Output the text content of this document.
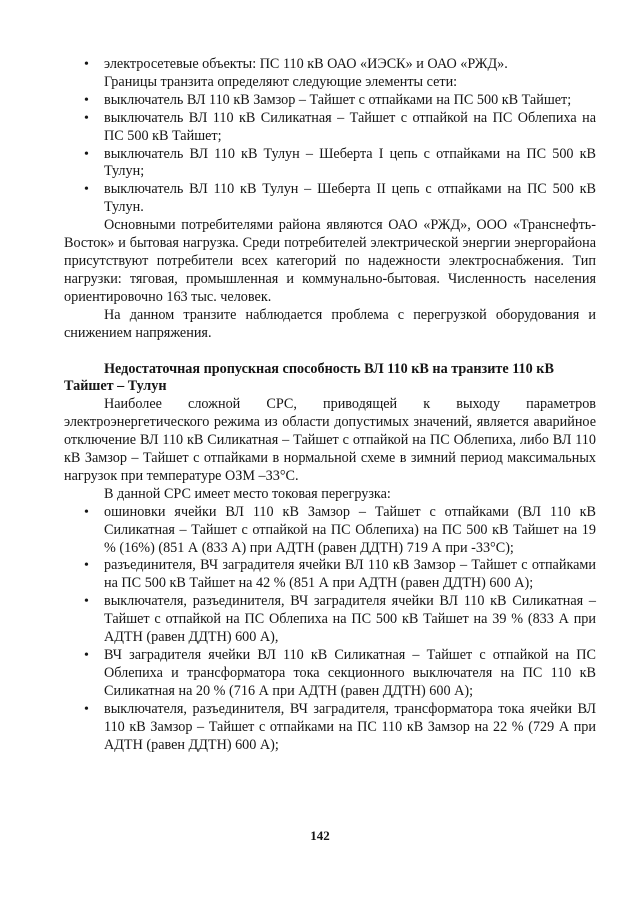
• электросетевые объекты: ПС 110 кВ ОАО «ИЭСК» и ОАО «РЖД».
Границы транзита определяют следующие элементы сети:
• выключатель ВЛ 110 кВ Замзор – Тайшет с отпайками на ПС 500 кВ Тайшет;
• выключатель ВЛ 110 кВ Силикатная – Тайшет с отпайкой на ПС Облепиха на ПС 500 кВ Тайшет;
• выключатель ВЛ 110 кВ Тулун – Шеберта I цепь с отпайками на ПС 500 кВ Тулун;
• выключатель ВЛ 110 кВ Тулун – Шеберта II цепь с отпайками на ПС 500 кВ Тулун.
Основными потребителями района являются ОАО «РЖД», ООО «Транснефть-Восток» и бытовая нагрузка. Среди потребителей электрической энергии энергорайона присутствуют потребители всех категорий по надежности электроснабжения. Тип нагрузки: тяговая, промышленная и коммунально-бытовая. Численность населения ориентировочно 163 тыс. человек.
На данном транзите наблюдается проблема с перегрузкой оборудования и снижением напряжения.
Недостаточная пропускная способность ВЛ 110 кВ на транзите 110 кВ Тайшет – Тулун
Наиболее сложной СРС, приводящей к выходу параметров электроэнергетического режима из области допустимых значений, является аварийное отключение ВЛ 110 кВ Силикатная – Тайшет с отпайкой на ПС Облепиха, либо ВЛ 110 кВ Замзор – Тайшет с отпайками в нормальной схеме в зимний период максимальных нагрузок при температуре ОЗМ –33°С.
В данной СРС имеет место токовая перегрузка:
• ошиновки ячейки ВЛ 110 кВ Замзор – Тайшет с отпайками (ВЛ 110 кВ Силикатная – Тайшет с отпайкой на ПС Облепиха) на ПС 500 кВ Тайшет на 19 % (16%) (851 А (833 А) при АДТН (равен ДДТН) 719 А при -33°С);
• разъединителя, ВЧ заградителя ячейки ВЛ 110 кВ Замзор – Тайшет с отпайками на ПС 500 кВ Тайшет на 42 % (851 А при АДТН (равен ДДТН) 600 А);
• выключателя, разъединителя, ВЧ заградителя ячейки ВЛ 110 кВ Силикатная – Тайшет с отпайкой на ПС Облепиха на ПС 500 кВ Тайшет на 39 % (833 А при АДТН (равен ДДТН) 600 А),
• ВЧ заградителя ячейки ВЛ 110 кВ Силикатная – Тайшет с отпайкой на ПС Облепиха и трансформатора тока секционного выключателя на ПС 110 кВ Силикатная на 20 % (716 А при АДТН (равен ДДТН) 600 А);
• выключателя, разъединителя, ВЧ заградителя, трансформатора тока ячейки ВЛ 110 кВ Замзор – Тайшет с отпайками на ПС 110 кВ Замзор на 22 % (729 А при АДТН (равен ДДТН) 600 А);
142
